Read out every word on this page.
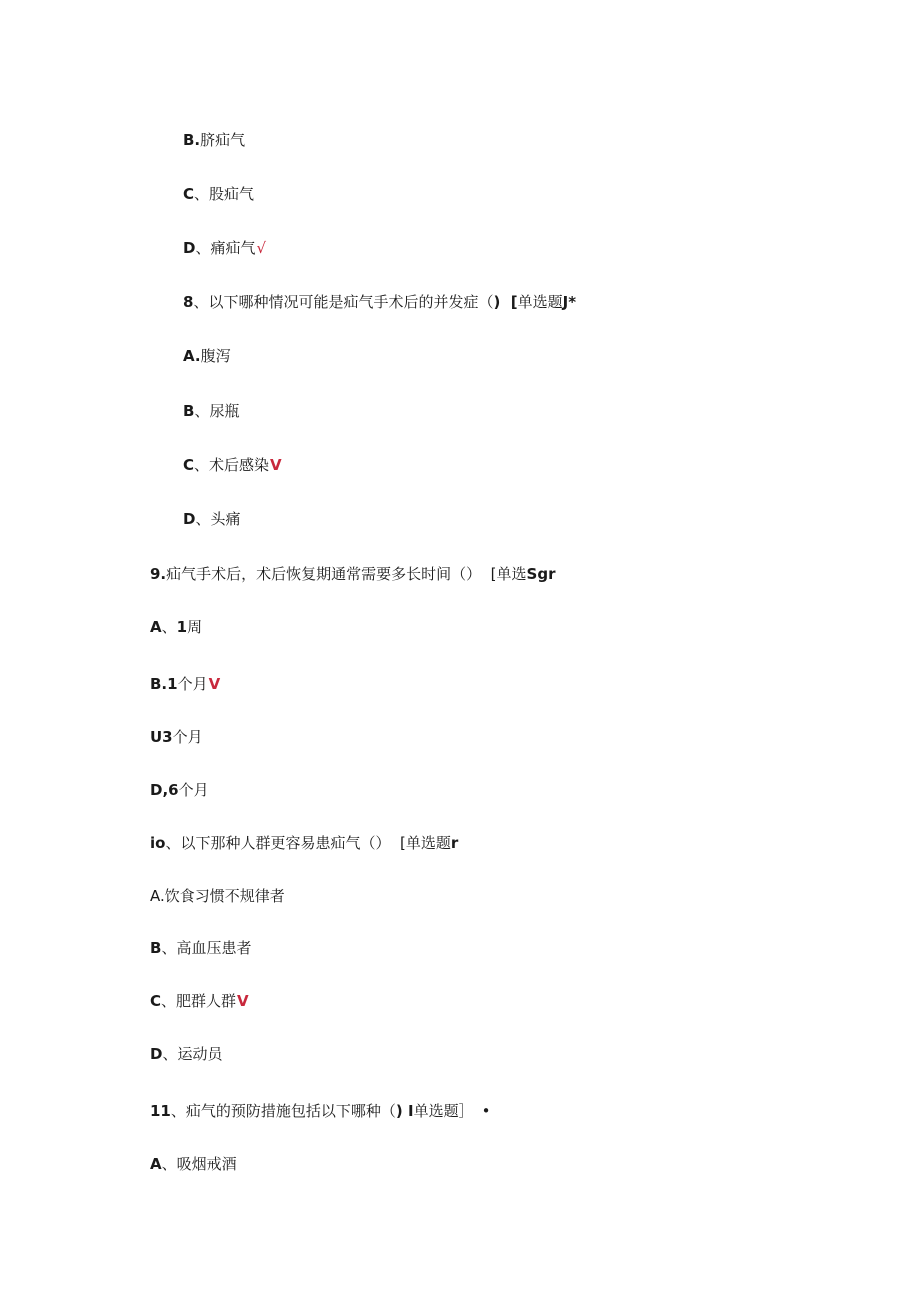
B.脐疝气
C、股疝气
D、痛疝气√
8、以下哪种情况可能是疝气手术后的并发症（)  [单选题J*
A.腹泻
B、尿瓶
C、术后感染V
D、头痛
9.疝气手术后，术后恢复期通常需要多长时间（）  [单选Sgr
A、1周
B.1个月V
U3个月
D,6个月
io、以下那种人群更容易患疝气（）  [单选题r
A.饮食习惯不规律者
B、高血压患者
C、肥群人群V
D、运动员
11、疝气的预防措施包括以下哪种（) I单选题］ •
A、吸烟戒酒
